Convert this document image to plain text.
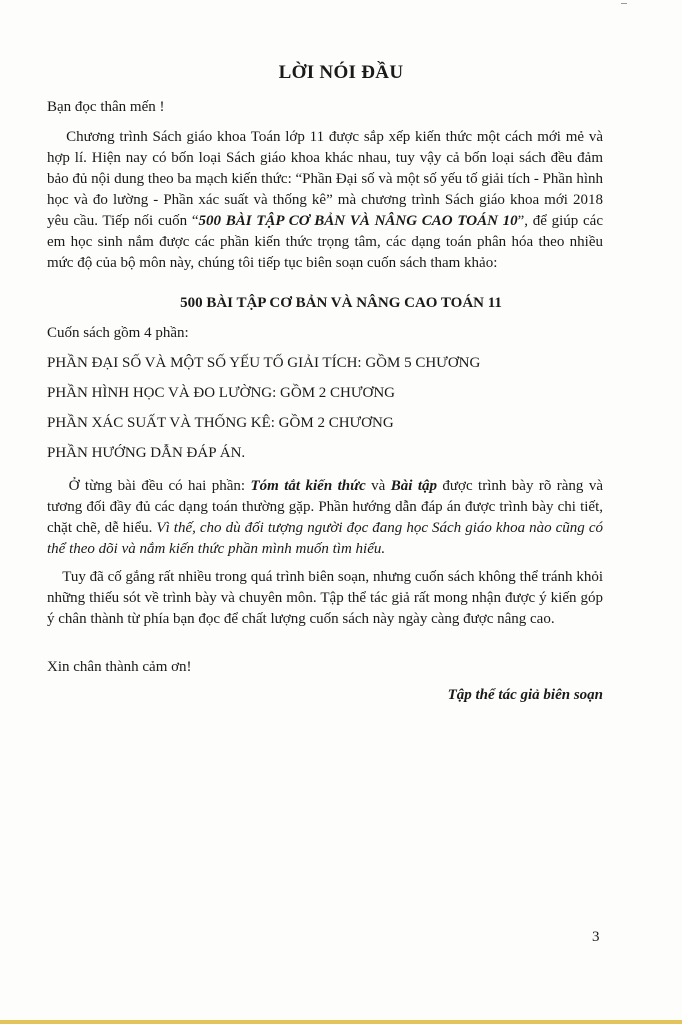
LỜI NÓI ĐẦU
Bạn đọc thân mến !
Chương trình Sách giáo khoa Toán lớp 11 được sắp xếp kiến thức một cách mới mẻ và hợp lí. Hiện nay có bốn loại Sách giáo khoa khác nhau, tuy vậy cả bốn loại sách đều đảm bảo đủ nội dung theo ba mạch kiến thức: “Phần Đại số và một số yếu tố giải tích - Phần hình học và đo lường - Phần xác suất và thống kê” mà chương trình Sách giáo khoa mới 2018 yêu cầu. Tiếp nối cuốn “500 BÀI TẬP CƠ BẢN VÀ NÂNG CAO TOÁN 10”, để giúp các em học sinh nắm được các phần kiến thức trọng tâm, các dạng toán phân hóa theo nhiều mức độ của bộ môn này, chúng tôi tiếp tục biên soạn cuốn sách tham khảo:
500 BÀI TẬP CƠ BẢN VÀ NÂNG CAO TOÁN 11
Cuốn sách gồm 4 phần:
PHẦN ĐẠI SỐ VÀ MỘT SỐ YẾU TỐ GIẢI TÍCH: GỒM 5 CHƯƠNG
PHẦN HÌNH HỌC VÀ ĐO LƯỜNG: GỒM 2 CHƯƠNG
PHẦN XÁC SUẤT VÀ THỐNG KÊ: GỒM 2 CHƯƠNG
PHẦN HƯỚNG DẪN ĐÁP ÁN.
Ở từng bài đều có hai phần: Tóm tắt kiến thức và Bài tập được trình bày rõ ràng và tương đối đầy đủ các dạng toán thường gặp. Phần hướng dẫn đáp án được trình bày chi tiết, chặt chẽ, dễ hiểu. Vì thế, cho dù đối tượng người đọc đang học Sách giáo khoa nào cũng có thể theo dõi và nắm kiến thức phần mình muốn tìm hiểu.
Tuy đã cố gắng rất nhiều trong quá trình biên soạn, nhưng cuốn sách không thể tránh khỏi những thiếu sót về trình bày và chuyên môn. Tập thể tác giả rất mong nhận được ý kiến góp ý chân thành từ phía bạn đọc để chất lượng cuốn sách này ngày càng được nâng cao.
Xin chân thành cảm ơn!
Tập thể tác giả biên soạn
3
